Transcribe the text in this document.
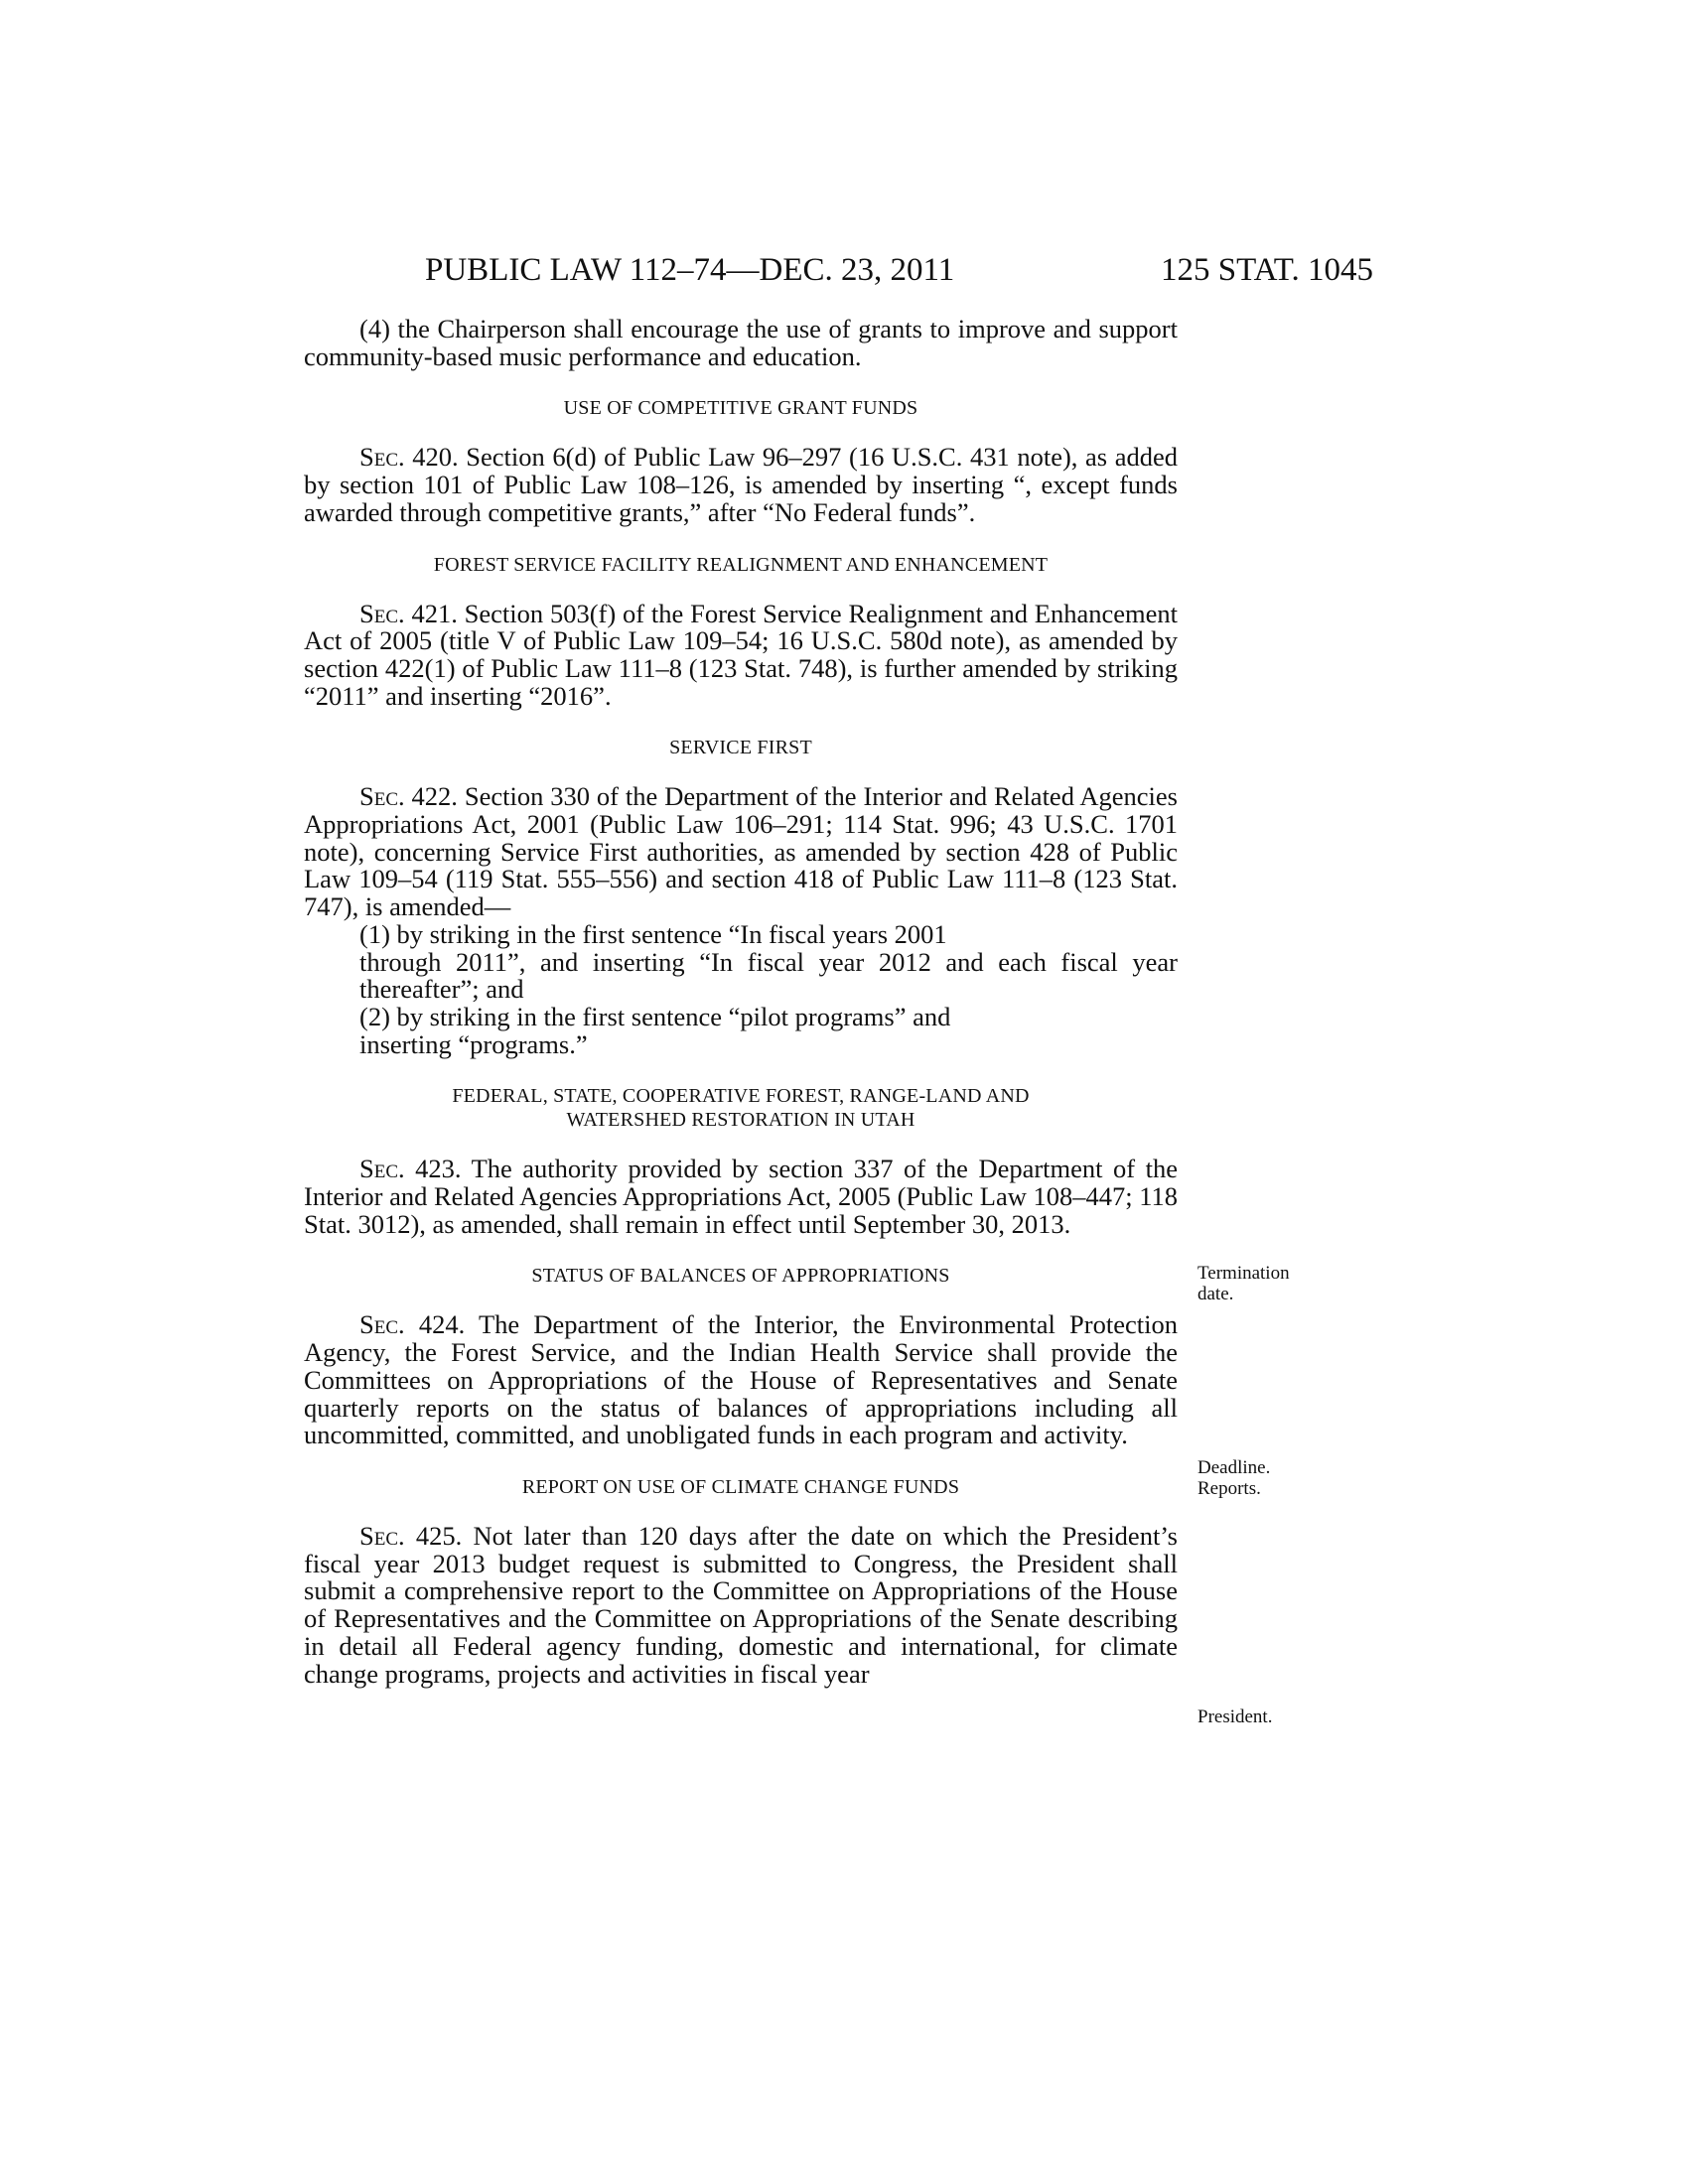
PUBLIC LAW 112–74—DEC. 23, 2011	125 STAT. 1045

(4) the Chairperson shall encourage the use of grants to improve and support community-based music performance and education.

USE OF COMPETITIVE GRANT FUNDS

Sec. 420. Section 6(d) of Public Law 96–297 (16 U.S.C. 431 note), as added by section 101 of Public Law 108–126, is amended by inserting “, except funds awarded through competitive grants,” after “No Federal funds”.

FOREST SERVICE FACILITY REALIGNMENT AND ENHANCEMENT

Sec. 421. Section 503(f) of the Forest Service Realignment and Enhancement Act of 2005 (title V of Public Law 109–54; 16 U.S.C. 580d note), as amended by section 422(1) of Public Law 111–8 (123 Stat. 748), is further amended by striking “2011” and inserting “2016”.

SERVICE FIRST

Sec. 422. Section 330 of the Department of the Interior and Related Agencies Appropriations Act, 2001 (Public Law 106–291; 114 Stat. 996; 43 U.S.C. 1701 note), concerning Service First authorities, as amended by section 428 of Public Law 109–54 (119 Stat. 555–556) and section 418 of Public Law 111–8 (123 Stat. 747), is amended—

(1) by striking in the first sentence “In fiscal years 2001

through 2011”, and inserting “In fiscal year 2012 and each fiscal year thereafter”; and

(2) by striking in the first sentence “pilot programs” and

inserting “programs.”

FEDERAL, STATE, COOPERATIVE FOREST, RANGE-LAND AND
WATERSHED RESTORATION IN UTAH

Sec. 423. The authority provided by section 337 of the Department of the Interior and Related Agencies Appropriations Act, 2005 (Public Law 108–447; 118 Stat. 3012), as amended, shall remain in effect until September 30, 2013.

STATUS OF BALANCES OF APPROPRIATIONS

Sec. 424. The Department of the Interior, the Environmental Protection Agency, the Forest Service, and the Indian Health Service shall provide the Committees on Appropriations of the House of Representatives and Senate quarterly reports on the status of balances of appropriations including all uncommitted, committed, and unobligated funds in each program and activity.

REPORT ON USE OF CLIMATE CHANGE FUNDS

Sec. 425. Not later than 120 days after the date on which the President’s fiscal year 2013 budget request is submitted to Congress, the President shall submit a comprehensive report to the Committee on Appropriations of the House of Representatives and the Committee on Appropriations of the Senate describing in detail all Federal agency funding, domestic and international, for climate change programs, projects and activities in fiscal year

Termination
date.
Deadline.
Reports.
President.
